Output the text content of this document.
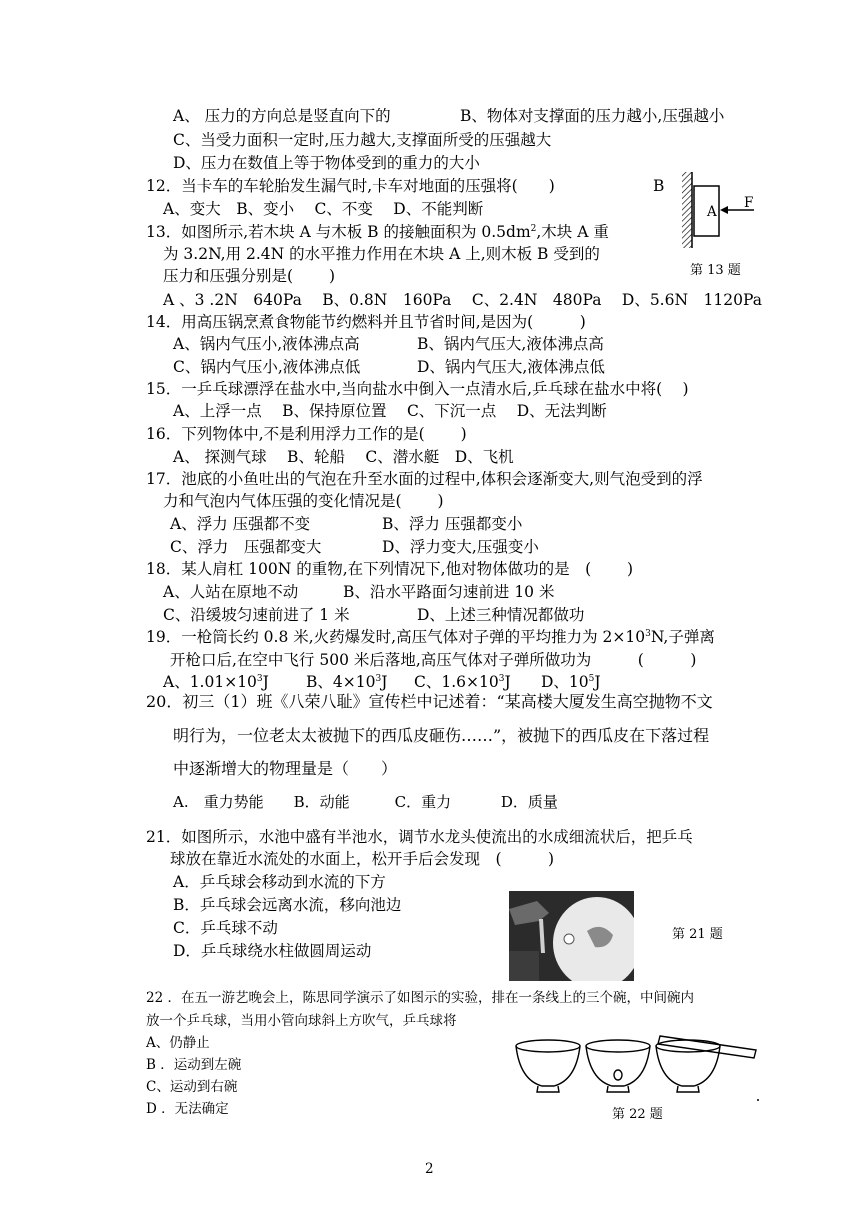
A、 压力的方向总是竖直向下的	B、物体对支撑面的压力越小,压强越小
C、当受力面积一定时,压力越大,支撑面所受的压强越大
D、压力在数值上等于物体受到的重力的大小
12．当卡车的车轮胎发生漏气时,卡车对地面的压强将(　　)
A、变大　B、变小　 C、不变　 D、不能判断
B
A
F
第 13 题
13．如图所示,若木块 A 与木板 B 的接触面积为 $0.5dm^2$,木块 A 重
为 3.2N,用 2.4N 的水平推力作用在木块 A 上,则木板 B 受到的
压力和压强分别是(　　 )
A 、3 .2N　640Pa　 B、0.8N　160Pa　 C、2.4N　480Pa　 D、5.6N　1120Pa
14．用高压锅烹煮食物能节约燃料并且节省时间,是因为(　　　)
A、锅内气压小,液体沸点高	B、锅内气压大,液体沸点高
C、锅内气压小,液体沸点低	D、锅内气压大,液体沸点低
15．一乒乓球漂浮在盐水中,当向盐水中倒入一点清水后,乒乓球在盐水中将(　 )
A、上浮一点　 B、保持原位置　 C、下沉一点　 D、无法判断
16．下列物体中,不是利用浮力工作的是(　　 )
A、 探测气球　 B、轮船　 C、潜水艇　D、飞机
17．池底的小鱼吐出的气泡在升至水面的过程中,体积会逐渐变大,则气泡受到的浮
力和气泡内气体压强的变化情况是(　　 )
A、浮力 压强都不变	B、浮力 压强都变小
C、浮力　压强都变大	D、浮力变大,压强变小
18．某人肩杠 100N 的重物,在下列情况下,他对物体做功的是　(　　 )
A、人站在原地不动	B、沿水平路面匀速前进 10 米
C、沿缓坡匀速前进了 1 米	D、上述三种情况都做功
19．一枪筒长约 0.8 米,火药爆发时,高压气体对子弹的平均推力为 $2\times 10^3N$,子弹离
开枪口后,在空中飞行 500 米后落地,高压气体对子弹所做功为　　　(　　　)
A、$1.01\times 10^3J$ B、$4\times 10^3J$ C、$1.6\times 10^3J$ D、$10^5J$
20．初三（1）班《八荣八耻》宣传栏中记述着：“某高楼大厦发生高空抛物不文
明行为，一位老太太被抛下的西瓜皮砸伤……”，被抛下的西瓜皮在下落过程
中逐渐增大的物理量是（　　）
A.　重力势能　　B．动能　　　C．重力　　　 D．质量
21．如图所示，水池中盛有半池水，调节水龙头使流出的水成细流状后，把乒乓
球放在靠近水流处的水面上，松开手后会发现　(　　　)
A．乒乓球会移动到水流的下方
B．乒乓球会远离水流，移向池边
C．乒乓球不动
D．乒乓球绕水柱做圆周运动
第 21 题
22 ．在五一游艺晚会上，陈思同学演示了如图示的实验，排在一条线上的三个碗，中间碗内
放一个乒乓球，当用小管向球斜上方吹气，乒乓球将
A、仍静止
B ．运动到左碗
C、运动到右碗
D ．无法确定	第 22 题
2
